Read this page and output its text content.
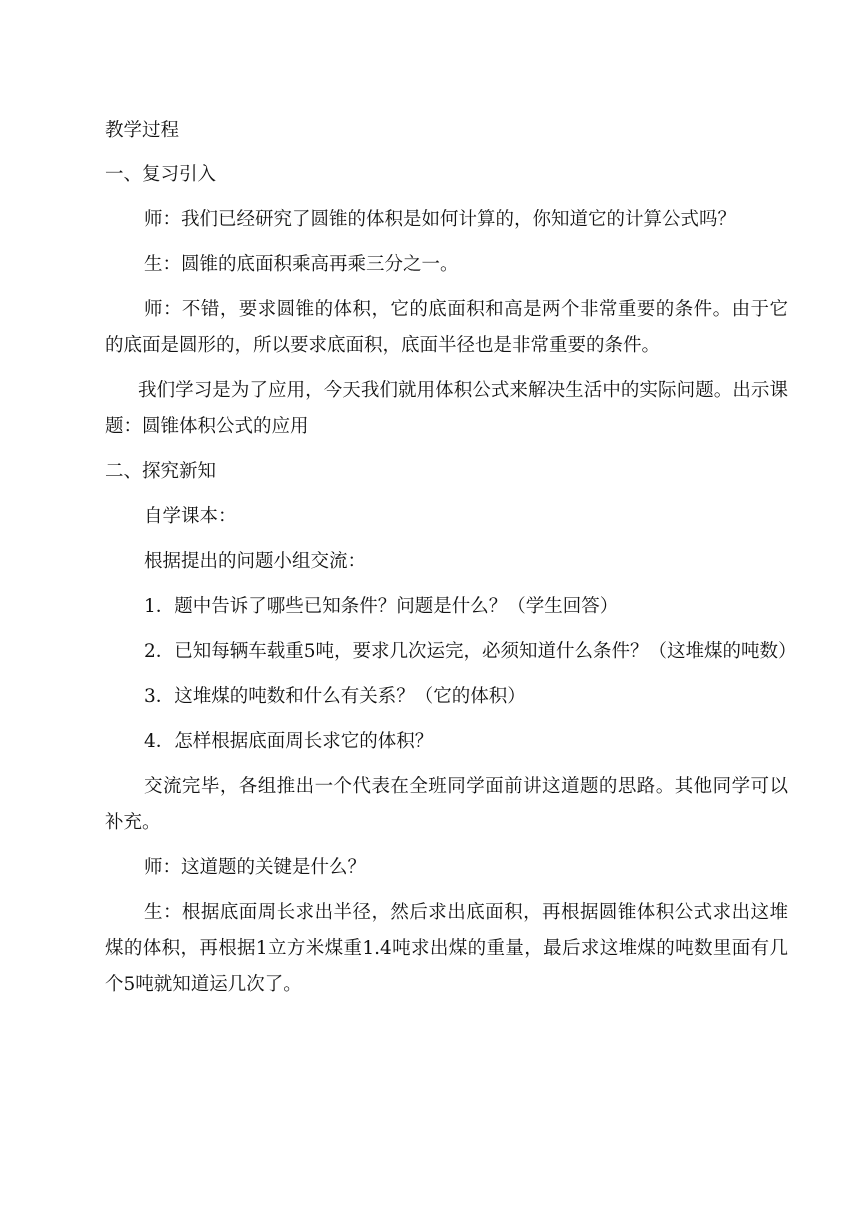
教学过程

一、复习引入

师：我们已经研究了圆锥的体积是如何计算的，你知道它的计算公式吗？

生：圆锥的底面积乘高再乘三分之一。

师：不错，要求圆锥的体积，它的底面积和高是两个非常重要的条件。由于它的底面是圆形的，所以要求底面积，底面半径也是非常重要的条件。

我们学习是为了应用，今天我们就用体积公式来解决生活中的实际问题。出示课题：圆锥体积公式的应用

二、探究新知

自学课本：

根据提出的问题小组交流：

1．题中告诉了哪些已知条件？问题是什么？（学生回答）

2．已知每辆车载重5吨，要求几次运完，必须知道什么条件？（这堆煤的吨数）

3．这堆煤的吨数和什么有关系？（它的体积）

4．怎样根据底面周长求它的体积？

交流完毕，各组推出一个代表在全班同学面前讲这道题的思路。其他同学可以补充。

师：这道题的关键是什么？

生：根据底面周长求出半径，然后求出底面积，再根据圆锥体积公式求出这堆煤的体积，再根据1立方米煤重1.4吨求出煤的重量，最后求这堆煤的吨数里面有几个5吨就知道运几次了。
